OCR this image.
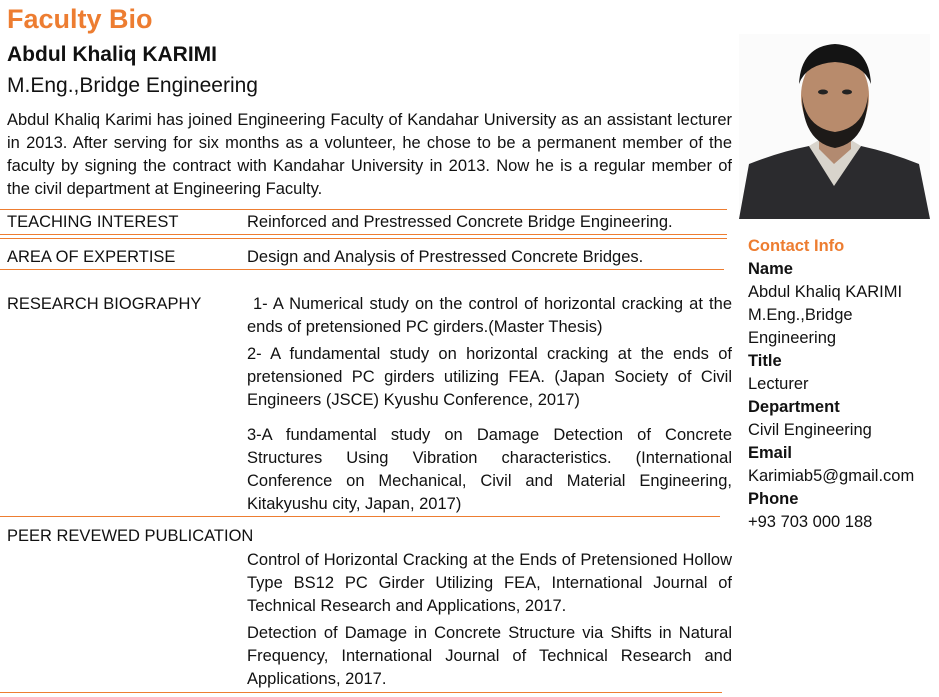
Faculty Bio
Abdul Khaliq KARIMI
M.Eng.,Bridge Engineering
Abdul Khaliq Karimi has joined Engineering Faculty of Kandahar University as an assistant lecturer in 2013. After serving for six months as a volunteer, he chose to be a permanent member of the faculty by signing the contract with Kandahar University in 2013. Now he is a regular member of the civil department at Engineering Faculty.
TEACHING INTEREST	Reinforced and Prestressed Concrete Bridge Engineering.
AREA OF EXPERTISE	Design and Analysis of Prestressed Concrete Bridges.
RESEARCH BIOGRAPHY	1- A Numerical study on the control of horizontal cracking at the ends of pretensioned PC girders.(Master Thesis)
2- A fundamental study on horizontal cracking at the ends of pretensioned PC girders utilizing FEA. (Japan Society of Civil Engineers (JSCE) Kyushu Conference, 2017)
3-A fundamental study on Damage Detection of Concrete Structures Using Vibration characteristics. (International Conference on Mechanical, Civil and Material Engineering, Kitakyushu city, Japan, 2017)
PEER REVEWED PUBLICATION
Control of Horizontal Cracking at the Ends of Pretensioned Hollow Type BS12 PC Girder Utilizing FEA, International Journal of Technical Research and Applications, 2017.
Detection of Damage in Concrete Structure via Shifts in Natural Frequency, International Journal of Technical Research and Applications, 2017.
Contact Info
Name
Abdul Khaliq KARIMI M.Eng.,Bridge Engineering
Title
Lecturer
Department
Civil Engineering
Email
Karimiab5@gmail.com
Phone
+93 703 000 188
